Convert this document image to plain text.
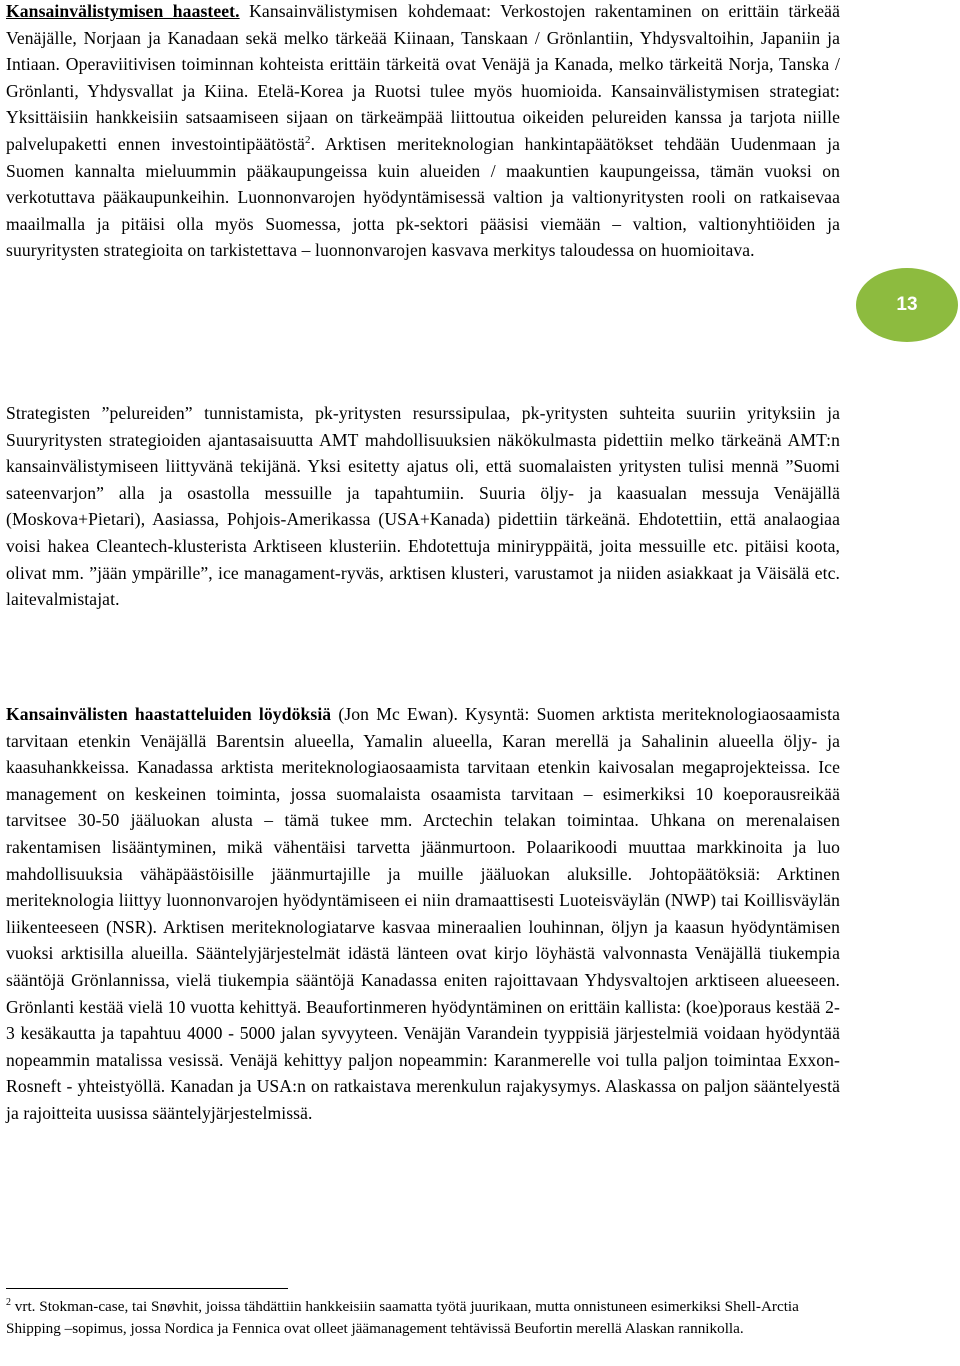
Kansainvälistymisen haasteet. Kansainvälistymisen kohdemaat: Verkostojen rakentaminen on erittäin tärkeää Venäjälle, Norjaan ja Kanadaan sekä melko tärkeää Kiinaan, Tanskaan / Grönlantiin, Yhdysvaltoihin, Japaniin ja Intiaan. Operaviitivisen toiminnan kohteista erittäin tärkeitä ovat Venäjä ja Kanada, melko tärkeitä Norja, Tanska / Grönlanti, Yhdysvallat ja Kiina. Etelä-Korea ja Ruotsi tulee myös huomioida. Kansainvälistymisen strategiat: Yksittäisiin hankkeisiin satsaamiseen sijaan on tärkeämpää liittoutua oikeiden pelureiden kanssa ja tarjota niille palvelupaketti ennen investointipäätöstä$^2$. Arktisen meriteknologian hankintapäätökset tehdään Uudenmaan ja Suomen kannalta mieluummin pääkaupungeissa kuin alueiden / maakuntien kaupungeissa, tämän vuoksi on verkotuttava pääkaupunkeihin. Luonnonvarojen hyödyntämisessä valtion ja valtionyritysten rooli on ratkaisevaa maailmalla ja pitäisi olla myös Suomessa, jotta pk-sektori pääsisi viemään – valtion, valtionyhtiöiden ja suuryritysten strategioita on tarkistettava – luonnonvarojen kasvava merkitys taloudessa on huomioitava.

Strategisten ”pelureiden” tunnistamista, pk-yritysten resurssipulaa, pk-yritysten suhteita suuriin yrityksiin ja Suuryritysten strategioiden ajantasaisuutta AMT mahdollisuuksien näkökulmasta pidettiin melko tärkeänä AMT:n kansainvälistymiseen liittyvänä tekijänä. Yksi esitetty ajatus oli, että suomalaisten yritysten tulisi mennä ”Suomi sateenvarjon” alla ja osastolla messuille ja tapahtumiin. Suuria öljy- ja kaasualan messuja Venäjällä (Moskova+Pietari), Aasiassa, Pohjois-Amerikassa (USA+Kanada) pidettiin tärkeänä. Ehdotettiin, että analaogiaa voisi hakea Cleantech-klusterista Arktiseen klusteriin. Ehdotettuja miniryppäitä, joita messuille etc. pitäisi koota, olivat mm. ”jään ympärille”, ice managament-ryväs, arktisen klusteri, varustamot ja niiden asiakkaat ja Väisälä etc. laitevalmistajat.

Kansainvälisten haastatteluiden löydöksiä (Jon Mc Ewan). Kysyntä: Suomen arktista meriteknologiaosaamista tarvitaan etenkin Venäjällä Barentsin alueella, Yamalin alueella, Karan merellä ja Sahalinin alueella öljy- ja kaasuhankkeissa. Kanadassa arktista meriteknologiaosaamista tarvitaan etenkin kaivosalan megaprojekteissa. Ice management on keskeinen toiminta, jossa suomalaista osaamista tarvitaan – esimerkiksi 10 koeporausreikää tarvitsee 30-50 jääluokan alusta – tämä tukee mm. Arctechin telakan toimintaa. Uhkana on merenalaisen rakentamisen lisääntyminen, mikä vähentäisi tarvetta jäänmurtoon. Polaarikoodi muuttaa markkinoita ja luo mahdollisuuksia vähäpäästöisille jäänmurtajille ja muille jääluokan aluksille. Johtopäätöksiä: Arktinen meriteknologia liittyy luonnonvarojen hyödyntämiseen ei niin dramaattisesti Luoteisväylän (NWP) tai Koillisväylän liikenteeseen (NSR). Arktisen meriteknologiatarve kasvaa mineraalien louhinnan, öljyn ja kaasun hyödyntämisen vuoksi arktisilla alueilla. Sääntelyjärjestelmät idästä länteen ovat kirjo löyhästä valvonnasta Venäjällä tiukempia sääntöjä Grönlannissa, vielä tiukempia sääntöjä Kanadassa eniten rajoittavaan Yhdysvaltojen arktiseen alueeseen. Grönlanti kestää vielä 10 vuotta kehittyä. Beaufortinmeren hyödyntäminen on erittäin kallista: (koe)poraus kestää 2-3 kesäkautta ja tapahtuu 4000 - 5000 jalan syvyyteen. Venäjän Varandein tyyppisiä järjestelmiä voidaan hyödyntää nopeammin matalissa vesissä. Venäjä kehittyy paljon nopeammin: Karanmerelle voi tulla paljon toimintaa Exxon-Rosneft - yhteistyöllä. Kanadan ja USA:n on ratkaistava merenkulun rajakysymys. Alaskassa on paljon sääntelyestä ja rajoitteita uusissa sääntelyjärjestelmissä.

$^2$ vrt. Stokman-case, tai Snøvhit, joissa tähdättiin hankkeisiin saamatta työtä juurikaan, mutta onnistuneen esimerkiksi Shell-Arctia Shipping –sopimus, jossa Nordica ja Fennica ovat olleet jäämanagement tehtävissä Beufortin merellä Alaskan rannikolla.
13
